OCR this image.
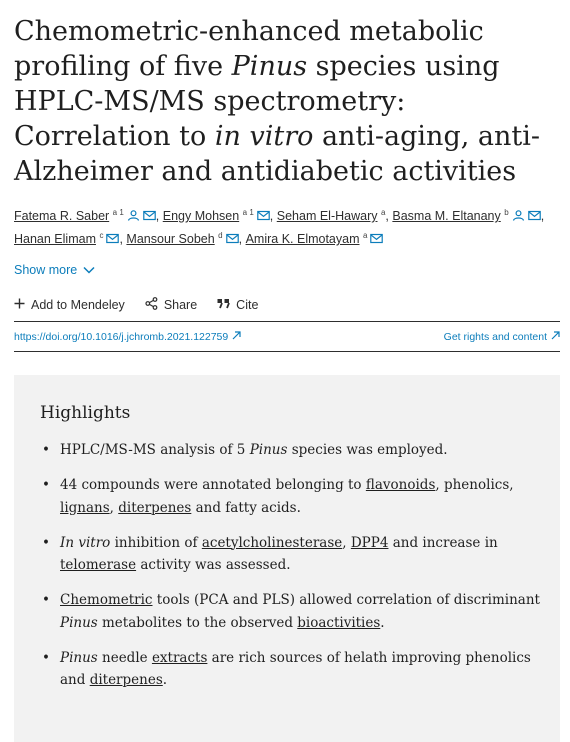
Chemometric-enhanced metabolic profiling of five Pinus species using HPLC-MS/MS spectrometry: Correlation to in vitro anti-aging, anti-Alzheimer and antidiabetic activities
Fatema R. Saber $^{a 1}$	, Engy Mohsen $^{a 1}$ , Seham El-Hawary $^a$, Basma M. Eltanany $^b$	, Hanan Elimam $^c$ , Mansour Sobeh $^d$ , Amira K. Elmotayam $^a$
Show more
Add to Mendeley	Share	Cite
https://doi.org/10.1016/j.jchromb.2021.122759	Get rights and content
Highlights
• HPLC/MS-MS analysis of 5 Pinus species was employed.
• 44 compounds were annotated belonging to flavonoids, phenolics, lignans, diterpenes and fatty acids.
• In vitro inhibition of acetylcholinesterase, DPP4 and increase in telomerase activity was assessed.
• Chemometric tools (PCA and PLS) allowed correlation of discriminant Pinus metabolites to the observed bioactivities.
• Pinus needle extracts are rich sources of helath improving phenolics and diterpenes.
